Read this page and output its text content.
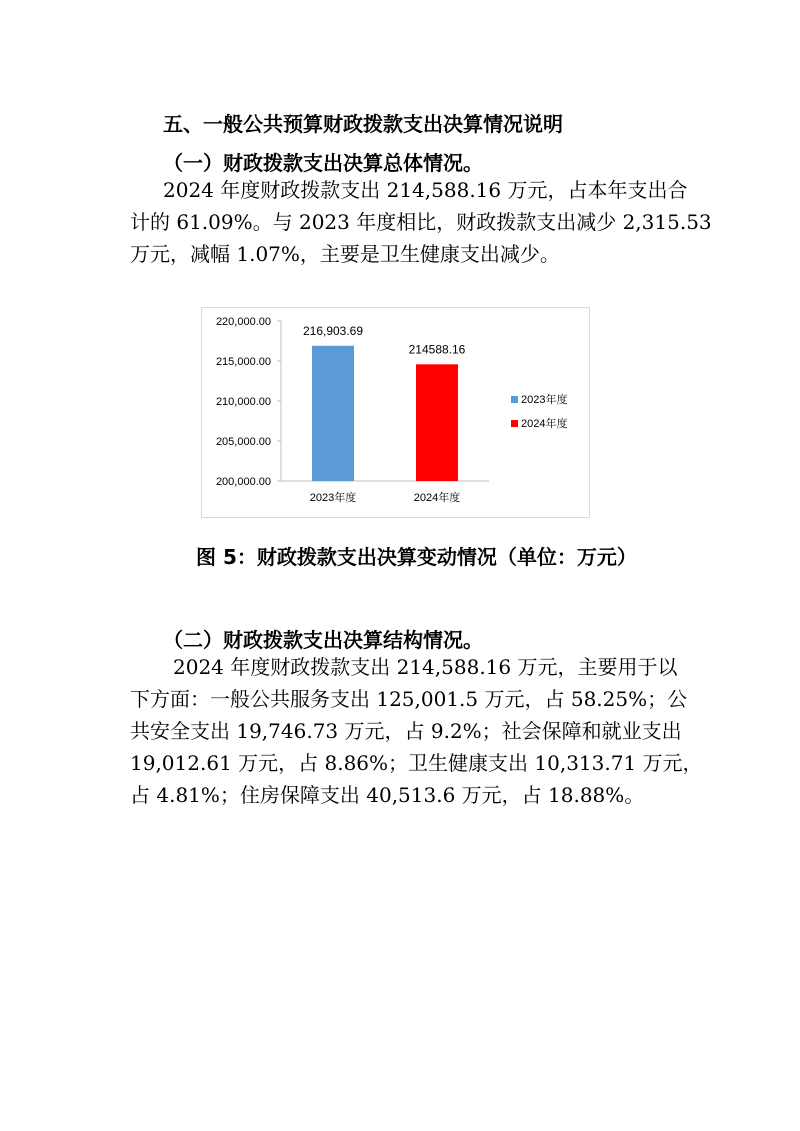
五、一般公共预算财政拨款支出决算情况说明
（一）财政拨款支出决算总体情况。
2024 年度财政拨款支出 214,588.16 万元，占本年支出合
计的 61.09%。与 2023 年度相比，财政拨款支出减少 2,315.53
万元，减幅 1.07%，主要是卫生健康支出减少。
200,000.00
205,000.00
210,000.00
215,000.00
220,000.00
216,903.69
214588.16
2023年度	2024年度
2023年度
2024年度
图 5：财政拨款支出决算变动情况（单位：万元）
（二）财政拨款支出决算结构情况。
2024 年度财政拨款支出 214,588.16 万元，主要用于以
下方面：一般公共服务支出 125,001.5 万元，占 58.25%；公
共安全支出 19,746.73 万元，占 9.2%；社会保障和就业支出
19,012.61 万元，占 8.86%；卫生健康支出 10,313.71 万元，
占 4.81%；住房保障支出 40,513.6 万元，占 18.88%。
